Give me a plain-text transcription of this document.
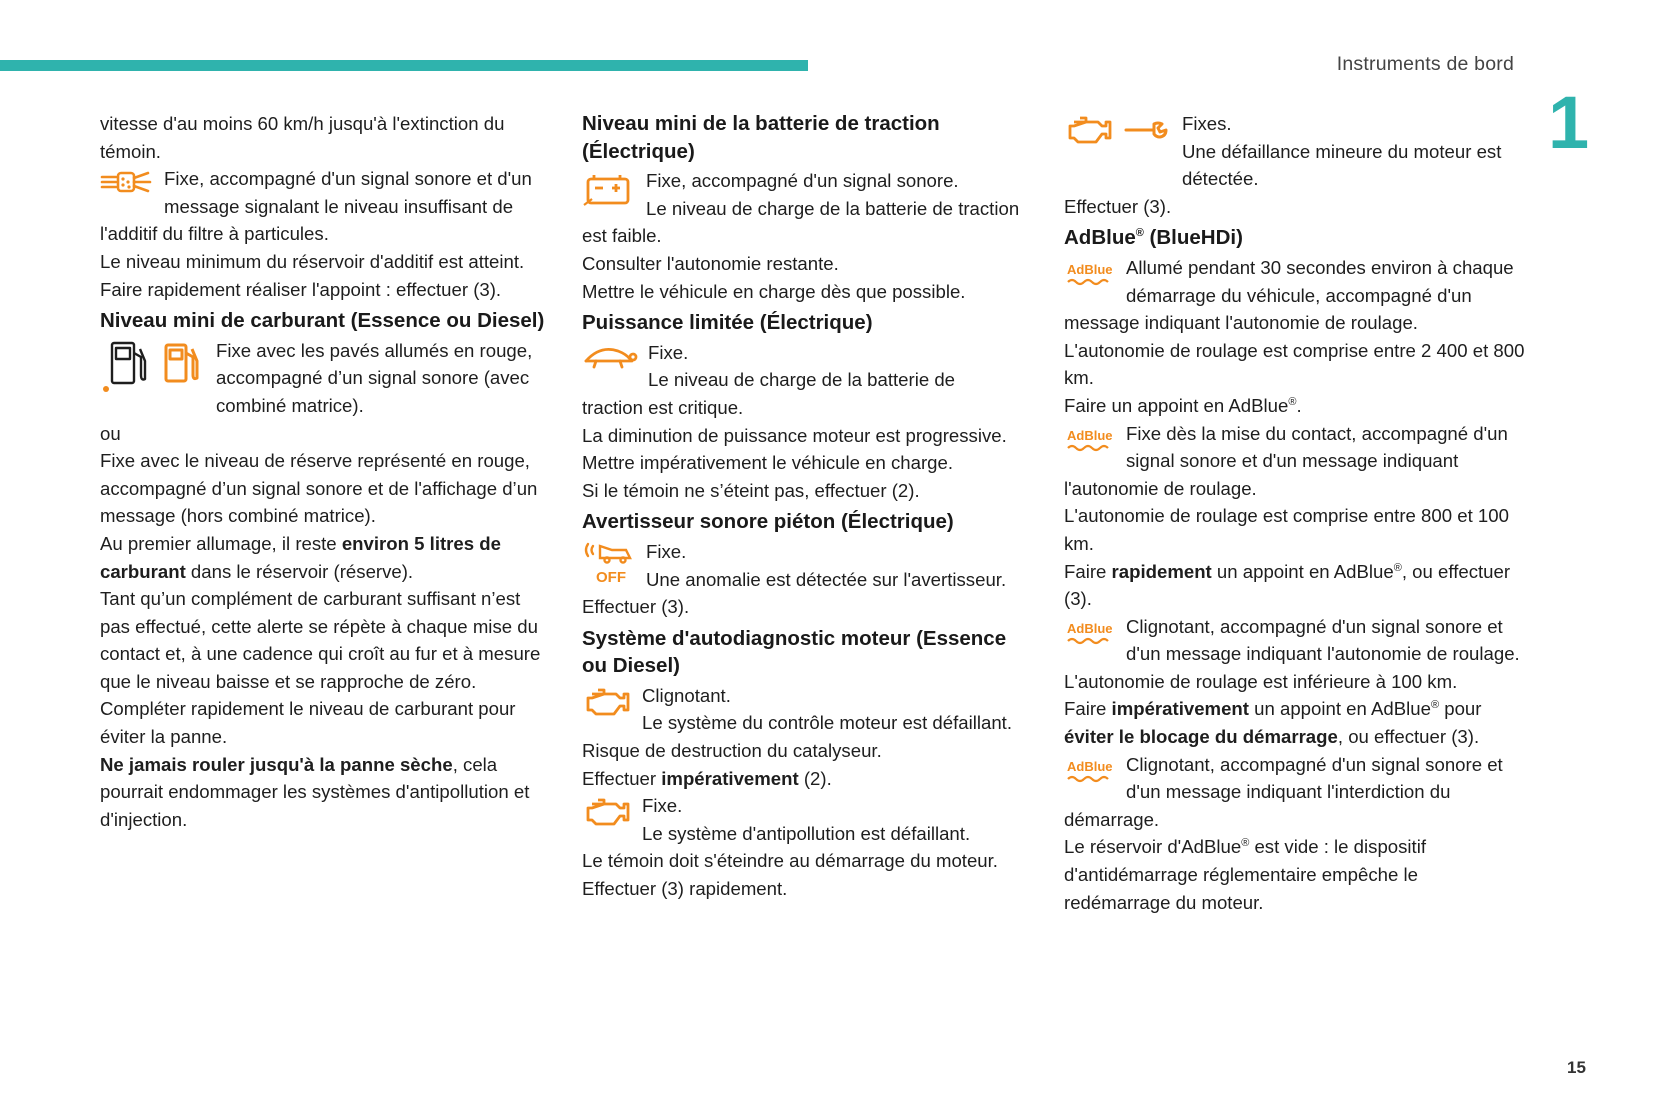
Instruments de bord
1
15

vitesse d'au moins 60 km/h jusqu'à l'extinction du témoin.

Fixe, accompagné d'un signal sonore et d'un message signalant le niveau insuffisant de l'additif du filtre à particules.

Le niveau minimum du réservoir d'additif est atteint.

Faire rapidement réaliser l'appoint : effectuer (3).

Niveau mini de carburant (Essence ou Diesel)

Fixe avec les pavés allumés en rouge, accompagné d’un signal sonore (avec combiné matrice).

ou

Fixe avec le niveau de réserve représenté en rouge, accompagné d’un signal sonore et de l'affichage d’un message (hors combiné matrice).

Au premier allumage, il reste environ 5 litres de carburant dans le réservoir (réserve).

Tant qu’un complément de carburant suffisant n’est pas effectué, cette alerte se répète à chaque mise du contact et, à une cadence qui croît au fur et à mesure que le niveau baisse et se rapproche de zéro.

Compléter rapidement le niveau de carburant pour éviter la panne.

Ne jamais rouler jusqu'à la panne sèche, cela pourrait endommager les systèmes d'antipollution et d'injection.

Niveau mini de la batterie de traction (Électrique)

Fixe, accompagné d'un signal sonore.

Le niveau de charge de la batterie de traction est faible.

Consulter l'autonomie restante.

Mettre le véhicule en charge dès que possible.

Puissance limitée (Électrique)

Fixe.

Le niveau de charge de la batterie de traction est critique.

La diminution de puissance moteur est progressive.

Mettre impérativement le véhicule en charge.

Si le témoin ne s’éteint pas, effectuer (2).

Avertisseur sonore piéton (Électrique)
OFF

Fixe.

Une anomalie est détectée sur l'avertisseur.

Effectuer (3).

Système d'autodiagnostic moteur (Essence ou Diesel)

Clignotant.

Le système du contrôle moteur est défaillant.

Risque de destruction du catalyseur.

Effectuer impérativement (2).

Fixe.

Le système d'antipollution est défaillant.

Le témoin doit s'éteindre au démarrage du moteur.

Effectuer (3) rapidement.

Fixes.

Une défaillance mineure du moteur est détectée.

Effectuer (3).

AdBlue® (BlueHDi)
AdBlue Allumé pendant 30 secondes environ à chaque démarrage du véhicule, accompagné d'un message indiquant l'autonomie de roulage.

L'autonomie de roulage est comprise entre 2 400 et 800 km.

Faire un appoint en AdBlue®.

AdBlue Fixe dès la mise du contact, accompagné d'un signal sonore et d'un message indiquant l'autonomie de roulage.

L'autonomie de roulage est comprise entre 800 et 100 km.

Faire rapidement un appoint en AdBlue®, ou effectuer (3).

AdBlue Clignotant, accompagné d'un signal sonore et d'un message indiquant l'autonomie de roulage.

L'autonomie de roulage est inférieure à 100 km.

Faire impérativement un appoint en AdBlue® pour éviter le blocage du démarrage, ou effectuer (3).

AdBlue Clignotant, accompagné d'un signal sonore et d'un message indiquant l'interdiction du démarrage.

Le réservoir d'AdBlue® est vide : le dispositif d'antidémarrage réglementaire empêche le redémarrage du moteur.
